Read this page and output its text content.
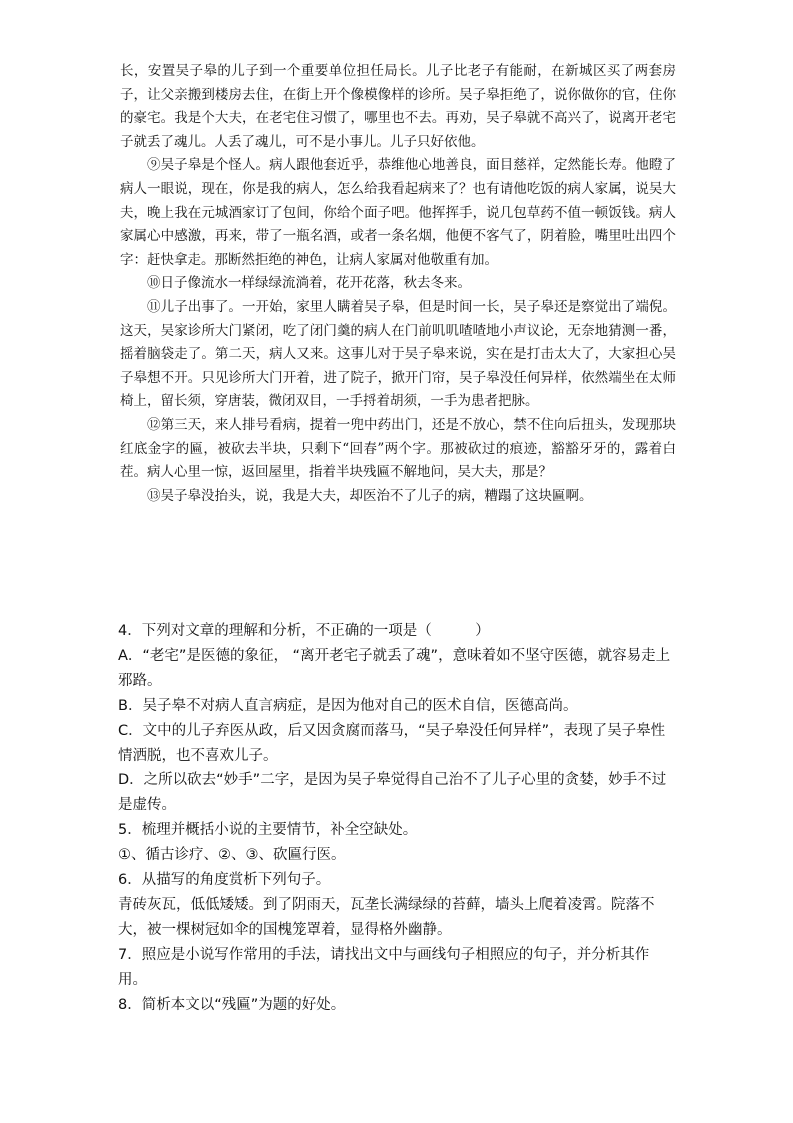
长，安置吴子皋的儿子到一个重要单位担任局长。儿子比老子有能耐，在新城区买了两套房子，让父亲搬到楼房去住，在街上开个像模像样的诊所。吴子皋拒绝了，说你做你的官，住你的豪宅。我是个大夫，在老宅住习惯了，哪里也不去。再劝，吴子皋就不高兴了，说离开老宅子就丢了魂儿。人丢了魂儿，可不是小事儿。儿子只好依他。

⑨吴子皋是个怪人。病人跟他套近乎，恭维他心地善良，面目慈祥，定然能长寿。他瞪了病人一眼说，现在，你是我的病人，怎么给我看起病来了？也有请他吃饭的病人家属，说吴大夫，晚上我在元城酒家订了包间，你给个面子吧。他挥挥手，说几包草药不值一顿饭钱。病人家属心中感激，再来，带了一瓶名酒，或者一条名烟，他便不客气了，阴着脸，嘴里吐出四个字：赶快拿走。那断然拒绝的神色，让病人家属对他敬重有加。

⑩日子像流水一样绿绿流淌着，花开花落，秋去冬来。

⑪儿子出事了。一开始，家里人瞒着吴子皋，但是时间一长，吴子皋还是察觉出了端倪。这天，吴家诊所大门紧闭，吃了闭门羹的病人在门前叽叽喳喳地小声议论，无奈地猜测一番，摇着脑袋走了。第二天，病人又来。这事儿对于吴子皋来说，实在是打击太大了，大家担心吴子皋想不开。只见诊所大门开着，进了院子，掀开门帘，吴子皋没任何异样，依然端坐在太师椅上，留长须，穿唐装，微闭双目，一手捋着胡须，一手为患者把脉。

⑫第三天，来人排号看病，提着一兜中药出门，还是不放心，禁不住向后扭头，发现那块红底金字的匾，被砍去半块，只剩下“回春”两个字。那被砍过的痕迹，豁豁牙牙的，露着白茬。病人心里一惊，返回屋里，指着半块残匾不解地问，吴大夫，那是？

⑬吴子皋没抬头，说，我是大夫，却医治不了儿子的病，糟蹋了这块匾啊。

4．下列对文章的理解和分析，不正确的一项是（　　　）

A．“老宅”是医德的象征， “离开老宅子就丢了魂”，意味着如不坚守医德，就容易走上邪路。

B．吴子皋不对病人直言病症，是因为他对自己的医术自信，医德高尚。

C．文中的儿子弃医从政，后又因贪腐而落马，“吴子皋没任何异样”，表现了吴子皋性情洒脱，也不喜欢儿子。

D．之所以砍去“妙手”二字，是因为吴子皋觉得自己治不了儿子心里的贪婪，妙手不过是虚传。

5．梳理并概括小说的主要情节，补全空缺处。

①、循古诊疗、②、③、砍匾行医。

6．从描写的角度赏析下列句子。

青砖灰瓦，低低矮矮。到了阴雨天，瓦垄长满绿绿的苔藓，墙头上爬着凌霄。院落不大，被一棵树冠如伞的国槐笼罩着，显得格外幽静。

7．照应是小说写作常用的手法，请找出文中与画线句子相照应的句子，并分析其作用。

8．简析本文以“残匾”为题的好处。
